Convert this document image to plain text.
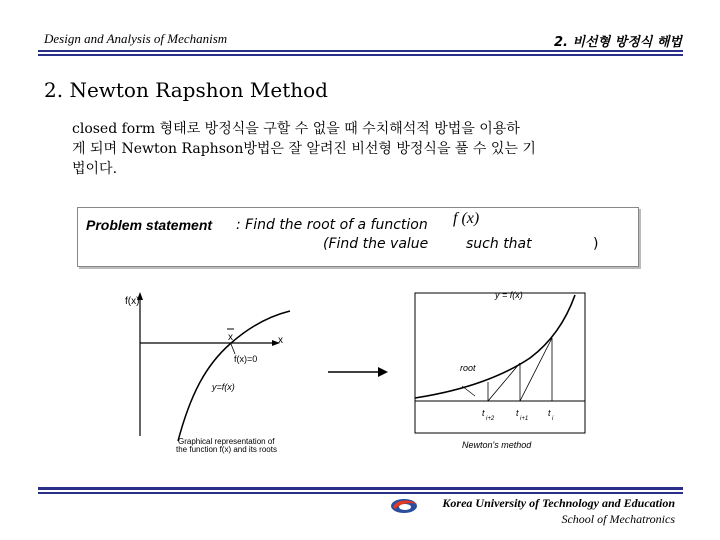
Design and Analysis of Mechanism	2. 비선형 방정식 해법
2. Newton Rapshon Method
closed form 형태로 방정식을 구할 수 없을 때 수치해석적 방법을 이용하
게 되며 Newton Raphson방법은 잘 알려진 비선형 방정식을 풀 수 있는 기
법이다.
Problem statement : Find the root of a function f (x)
(Find the value	such that	)
f(x)
x
x
f(x)=0
y=f(x)
Graphical representation of
the function f(x) and its roots
root
y = f(x)
t
i+2
t
i+1
t
i
Newton's method
Korea University of Technology and Education
School of Mechatronics
